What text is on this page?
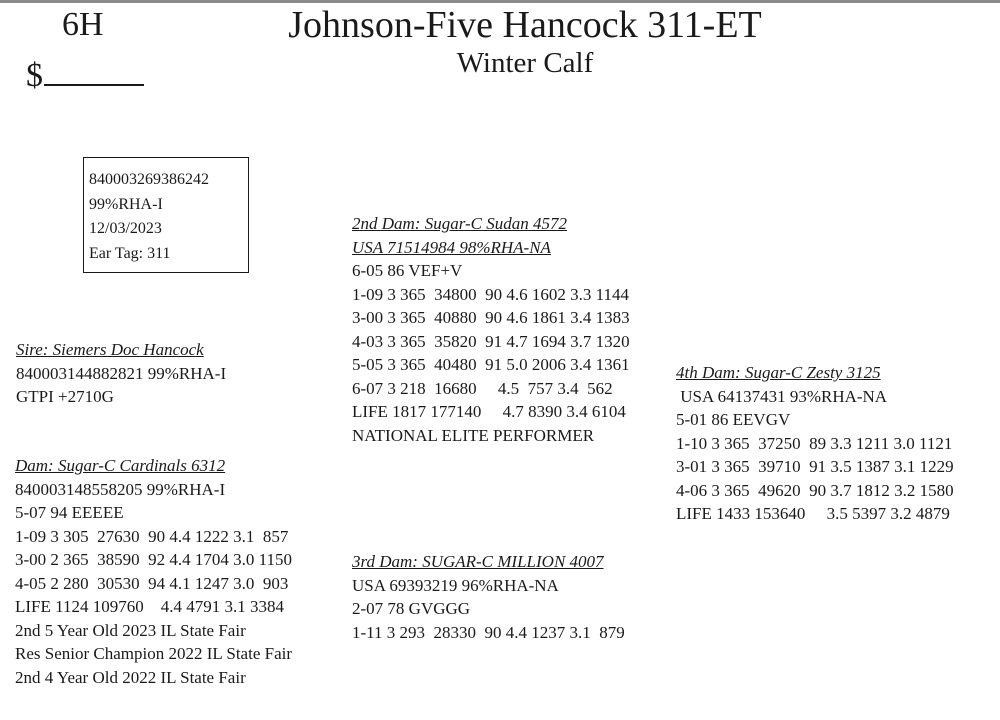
6H
$
Johnson-Five Hancock 311-ET
Winter Calf
840003269386242
99%RHA-I
12/03/2023
Ear Tag: 311
Sire: Siemers Doc Hancock
840003144882821 99%RHA-I
GTPI +2710G
Dam: Sugar-C Cardinals 6312
840003148558205 99%RHA-I
5-07 94 EEEEE
1-09 3 305  27630  90 4.4 1222 3.1  857
3-00 2 365  38590  92 4.4 1704 3.0 1150
4-05 2 280  30530  94 4.1 1247 3.0  903
LIFE 1124 109760    4.4 4791 3.1 3384
2nd 5 Year Old 2023 IL State Fair
Res Senior Champion 2022 IL State Fair
2nd 4 Year Old 2022 IL State Fair
2nd Dam: Sugar-C Sudan 4572
USA 71514984 98%RHA-NA
6-05 86 VEF+V
1-09 3 365  34800  90 4.6 1602 3.3 1144
3-00 3 365  40880  90 4.6 1861 3.4 1383
4-03 3 365  35820  91 4.7 1694 3.7 1320
5-05 3 365  40480  91 5.0 2006 3.4 1361
6-07 3 218  16680     4.5  757 3.4  562
LIFE 1817 177140     4.7 8390 3.4 6104
NATIONAL ELITE PERFORMER
3rd Dam: SUGAR-C MILLION 4007
USA 69393219 96%RHA-NA
2-07 78 GVGGG
1-11 3 293  28330  90 4.4 1237 3.1  879
4th Dam: Sugar-C Zesty 3125
USA 64137431 93%RHA-NA
5-01 86 EEVGV
1-10 3 365  37250  89 3.3 1211 3.0 1121
3-01 3 365  39710  91 3.5 1387 3.1 1229
4-06 3 365  49620  90 3.7 1812 3.2 1580
LIFE 1433 153640     3.5 5397 3.2 4879
